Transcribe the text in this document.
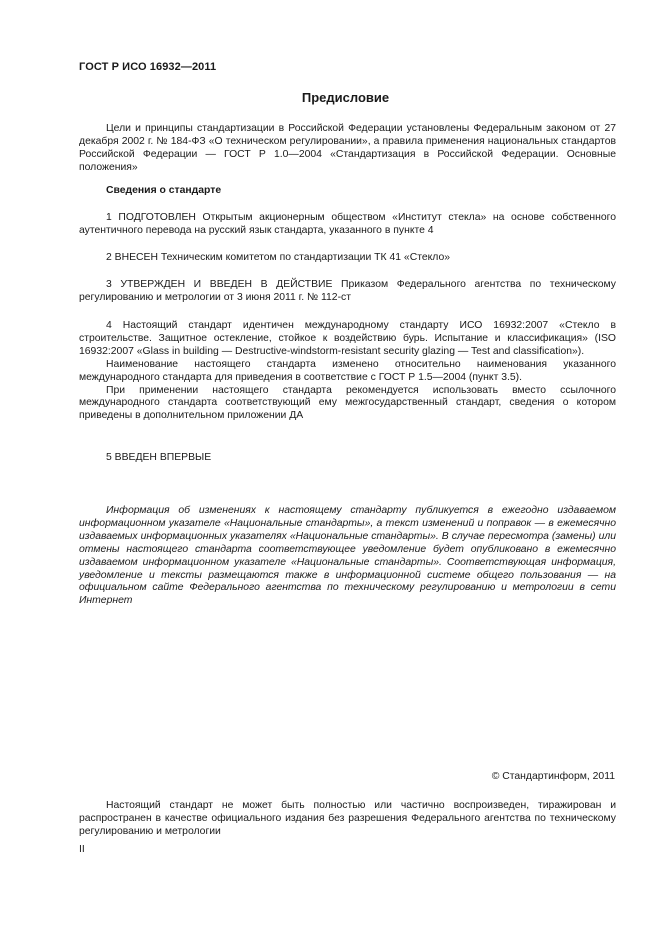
ГОСТ Р ИСО 16932—2011
Предисловие

Цели и принципы стандартизации в Российской Федерации установлены Федеральным законом от 27 декабря 2002 г. № 184-ФЗ «О техническом регулировании», а правила применения национальных стандартов Российской Федерации — ГОСТ Р 1.0—2004 «Стандартизация в Российской Федерации. Основные положения»

Сведения о стандарте

1 ПОДГОТОВЛЕН Открытым акционерным обществом «Институт стекла» на основе собственного аутентичного перевода на русский язык стандарта, указанного в пункте 4

2 ВНЕСЕН Техническим комитетом по стандартизации ТК 41 «Стекло»

3 УТВЕРЖДЕН И ВВЕДЕН В ДЕЙСТВИЕ Приказом Федерального агентства по техническому регулированию и метрологии от 3 июня 2011 г. № 112-ст

4 Настоящий стандарт идентичен международному стандарту ИСО 16932:2007 «Стекло в строительстве. Защитное остекление, стойкое к воздействию бурь. Испытание и классификация» (ISO 16932:2007 «Glass in building — Destructive-windstorm-resistant security glazing — Test and classification»).

Наименование настоящего стандарта изменено относительно наименования указанного международного стандарта для приведения в соответствие с ГОСТ Р 1.5—2004 (пункт 3.5).

При применении настоящего стандарта рекомендуется использовать вместо ссылочного международного стандарта соответствующий ему межгосударственный стандарт, сведения о котором приведены в дополнительном приложении ДА

5 ВВЕДЕН ВПЕРВЫЕ

Информация об изменениях к настоящему стандарту публикуется в ежегодно издаваемом информационном указателе «Национальные стандарты», а текст изменений и поправок — в ежемесячно издаваемых информационных указателях «Национальные стандарты». В случае пересмотра (замены) или отмены настоящего стандарта соответствующее уведомление будет опубликовано в ежемесячно издаваемом информационном указателе «Национальные стандарты». Соответствующая информация, уведомление и тексты размещаются также в информационной системе общего пользования — на официальном сайте Федерального агентства по техническому регулированию и метрологии в сети Интернет

© Стандартинформ, 2011

Настоящий стандарт не может быть полностью или частично воспроизведен, тиражирован и распространен в качестве официального издания без разрешения Федерального агентства по техническому регулированию и метрологии

II
